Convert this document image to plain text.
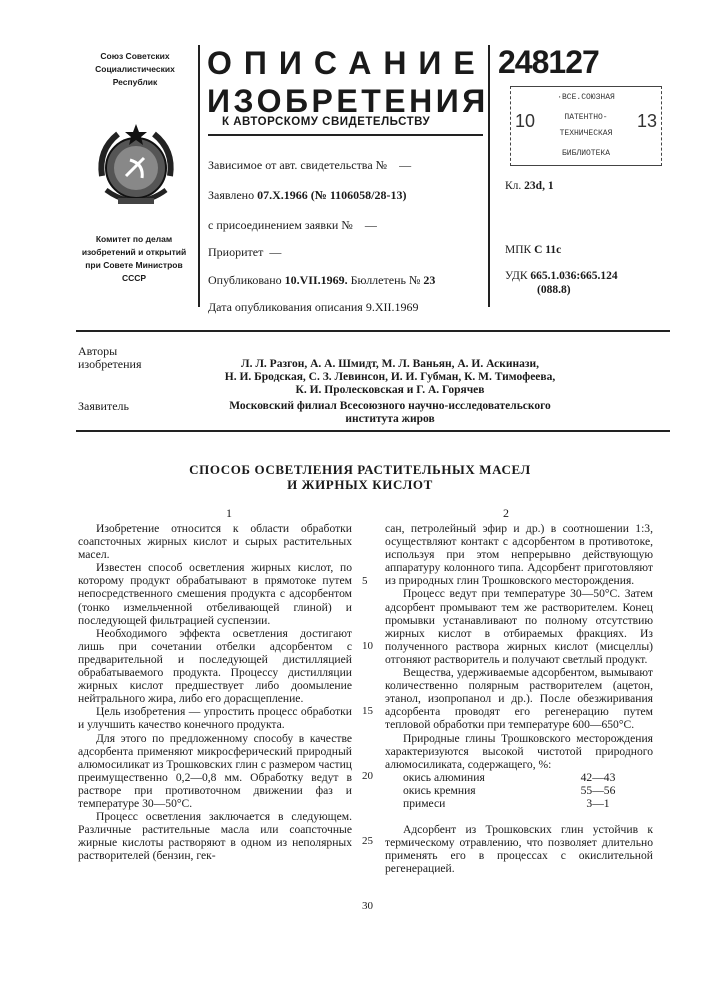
Союз Советских
Социалистических
Республик
Комитет по делам
изобретений и открытий
при Совете Министров
СССР
ОПИСАНИЕ
ИЗОБРЕТЕНИЯ
К АВТОРСКОМУ СВИДЕТЕЛЬСТВУ
Зависимое от авт. свидетельства № —
Заявлено 07.X.1966 (№ 1106058/28-13)
с присоединением заявки № —
Приоритет —
Опубликовано 10.VII.1969. Бюллетень № 23
Дата опубликования описания 9.XII.1969
248127
·ВСЕ.СОЮЗНАЯ
ПАТЕНТНО-
ТЕХНИЧЕСКАЯ
БИБЛИОТЕКА
10	13
Кл. 23d, 1
МПК С 11с
УДК 665.1.036:665.124
(088.8)
Авторы
изобретения	Л. Л. Разгон, А. А. Шмидт, М. Л. Ваньян, А. И. Аскинази,
Н. И. Бродская, С. З. Левинсон, И. И. Губман, К. М. Тимофеева,
К. И. Пролесковская и Г. А. Горячев
Заявитель	Московский филиал Всесоюзного научно-исследовательского
института жиров
СПОСОБ ОСВЕТЛЕНИЯ РАСТИТЕЛЬНЫХ МАСЕЛ
И ЖИРНЫХ КИСЛОТ
1	2

Изобретение относится к области обработки соапсточных жирных кислот и сырых растительных масел.

Известен способ осветления жирных кислот, по которому продукт обрабатывают в прямотоке путем непосредственного смешения продукта с адсорбентом (тонко измельченной отбеливающей глиной) и последующей фильтрацией суспензии.

Необходимого эффекта осветления достигают лишь при сочетании отбелки адсорбентом с предварительной и последующей дистилляцией обрабатываемого продукта. Процессу дистилляции жирных кислот предшествует либо доомыление нейтрального жира, либо его дорасщепление.

Цель изобретения — упростить процесс обработки и улучшить качество конечного продукта.

Для этого по предложенному способу в качестве адсорбента применяют микросферический природный алюмосиликат из Трошковских глин с размером частиц преимущественно 0,2—0,8 мм. Обработку ведут в растворе при противоточном движении фаз и температуре 30—50°С.

Процесс осветления заключается в следующем. Различные растительные масла или соапсточные жирные кислоты растворяют в одном из неполярных растворителей (бензин, гек-

5
10
15
20
25
30

сан, петролейный эфир и др.) в соотношении 1:3, осуществляют контакт с адсорбентом в противотоке, используя при этом непрерывно действующую аппаратуру колонного типа. Адсорбент приготовляют из природных глин Трошковского месторождения.

Процесс ведут при температуре 30—50°С. Затем адсорбент промывают тем же растворителем. Конец промывки устанавливают по полному отсутствию жирных кислот в отбираемых фракциях. Из полученного раствора жирных кислот (мисцеллы) отгоняют растворитель и получают светлый продукт.

Вещества, удерживаемые адсорбентом, вымывают количественно полярным растворителем (ацетон, этанол, изопропанол и др.). После обезжиривания адсорбента проводят его регенерацию путем тепловой обработки при температуре 600—650°С.

Природные глины Трошковского месторождения характеризуются высокой чистотой природного алюмосиликата, содержащего, %:

окись алюминия	42—43
окись кремния	55—56
примеси	3—1

Адсорбент из Трошковских глин устойчив к термическому отравлению, что позволяет длительно применять его в процессах с окислительной регенерацией.
